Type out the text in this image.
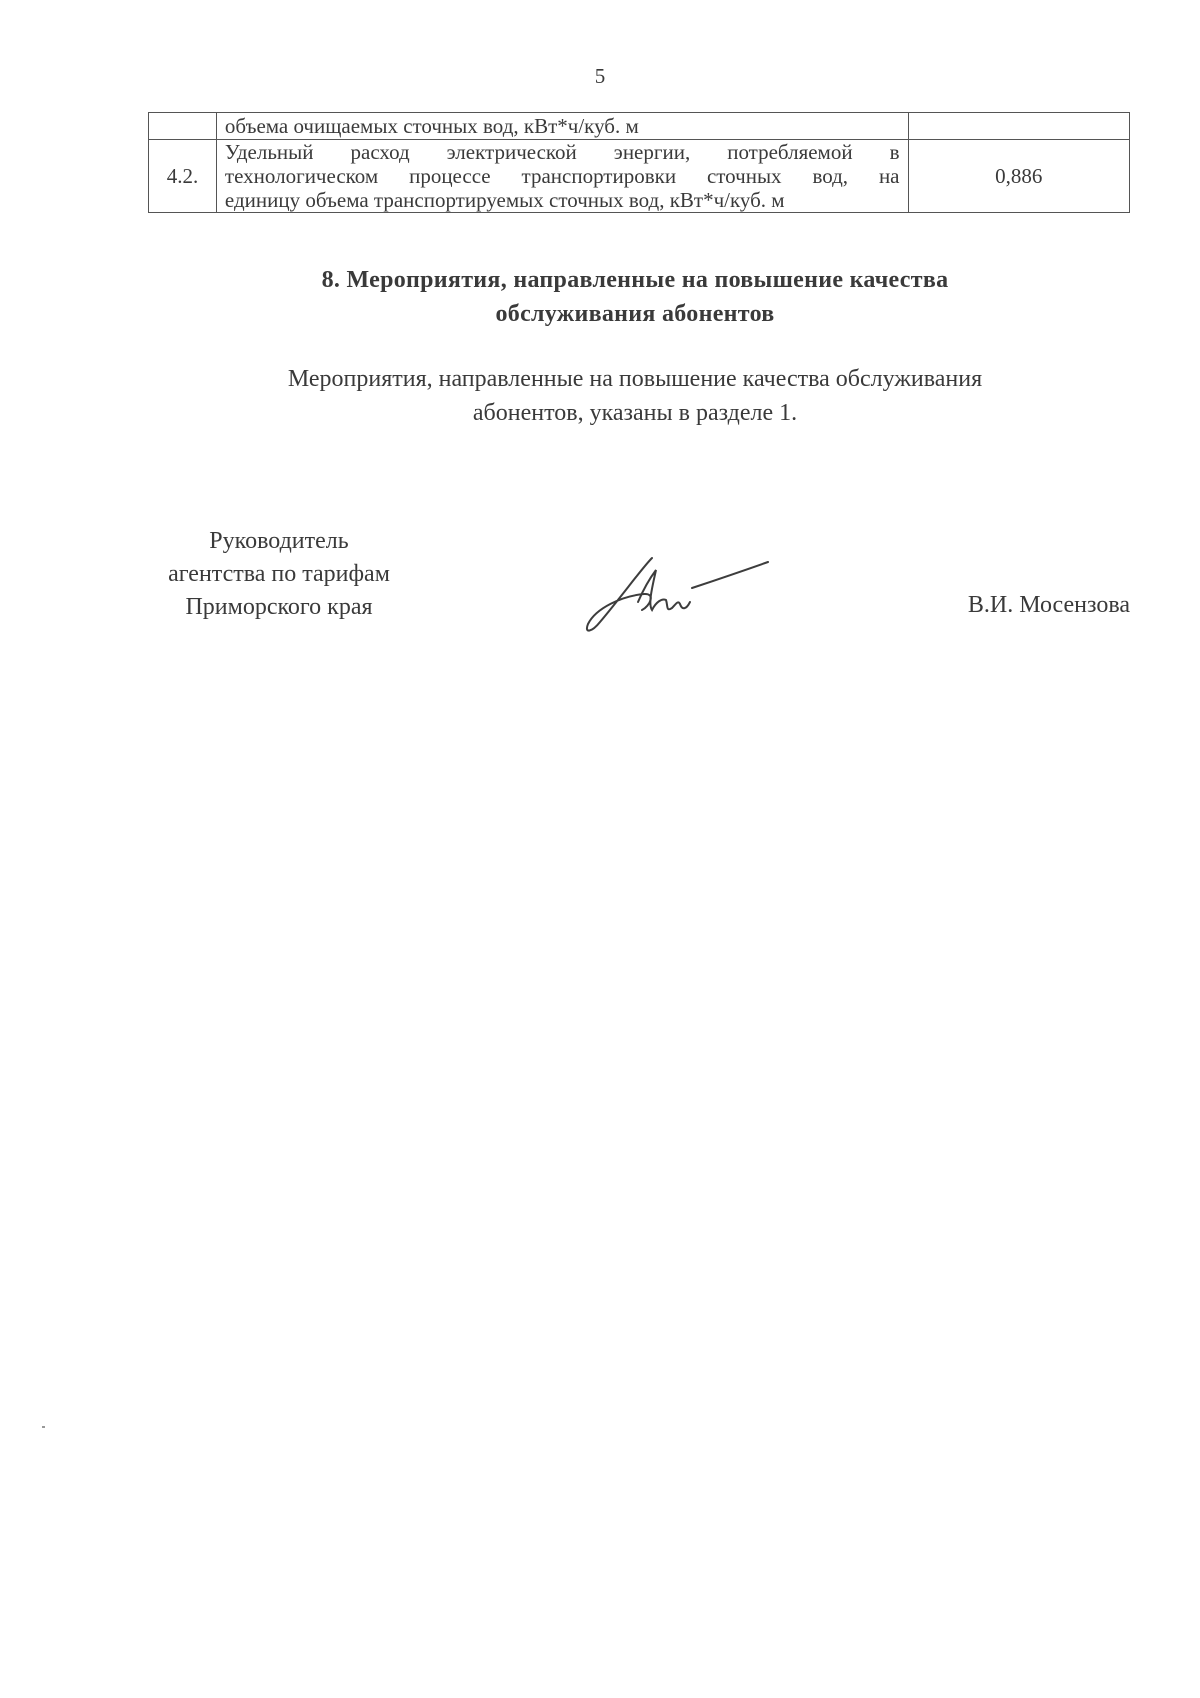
5

	объема очищаемых сточных вод, кВт*ч/куб. м	

4.2.	Удельный расход электрической энергии, потребляемой в
технологическом процессе транспортировки сточных вод, на
единицу объема транспортируемых сточных вод, кВт*ч/куб. м	0,886
8. Мероприятия, направленные на повышение качества
обслуживания абонентов
Мероприятия, направленные на повышение качества обслуживания
абонентов, указаны в разделе 1.
Руководитель
агентства по тарифам
Приморского края	В.И. Мосензова
